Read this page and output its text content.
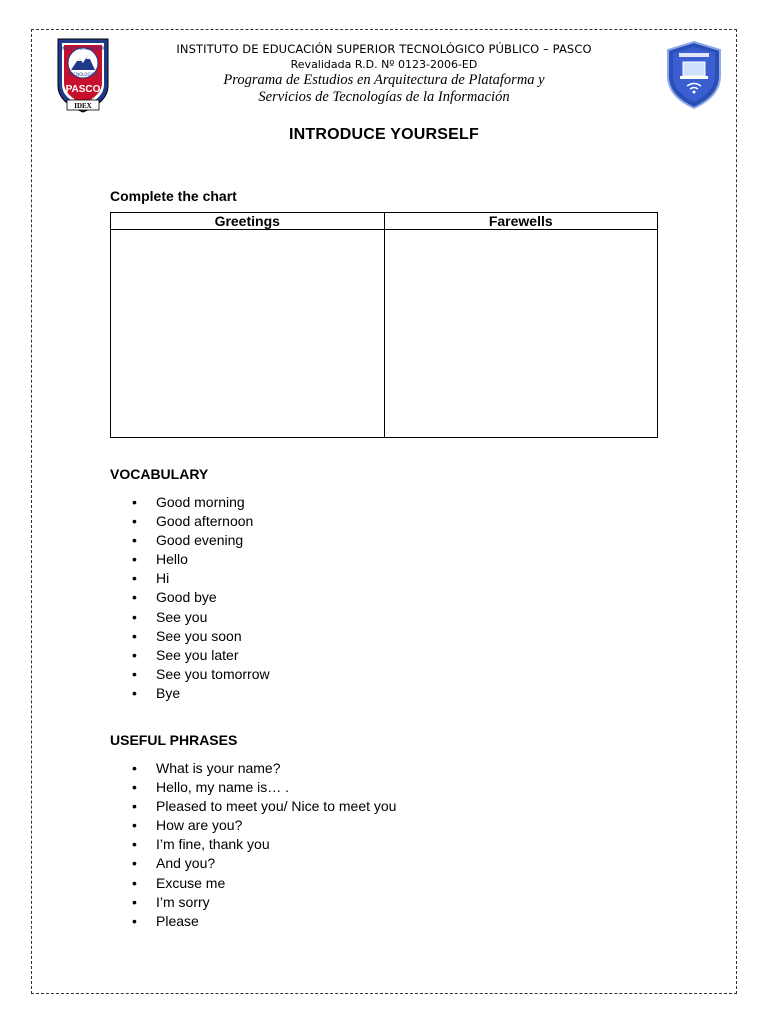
INSTITUTO SUPERIOR
TECNOLOGICO
PASCO
IDEX
INSTITUTO DE EDUCACIÓN SUPERIOR TECNOLÓGICO PÚBLICO – PASCO
Revalidada R.D. Nº 0123-2006-ED
Programa de Estudios en Arquitectura de Plataforma y
Servicios de Tecnologías de la Información
INTRODUCE YOURSELF
Complete the chart
Greetings	Farewells

VOCABULARY
• Good morning
• Good afternoon
• Good evening
• Hello
• Hi
• Good bye
• See you
• See you soon
• See you later
• See you tomorrow
• Bye
USEFUL PHRASES
• What is your name?
• Hello, my name is… .
• Pleased to meet you/ Nice to meet you
• How are you?
• I’m fine, thank you
• And you?
• Excuse me
• I’m sorry
• Please
